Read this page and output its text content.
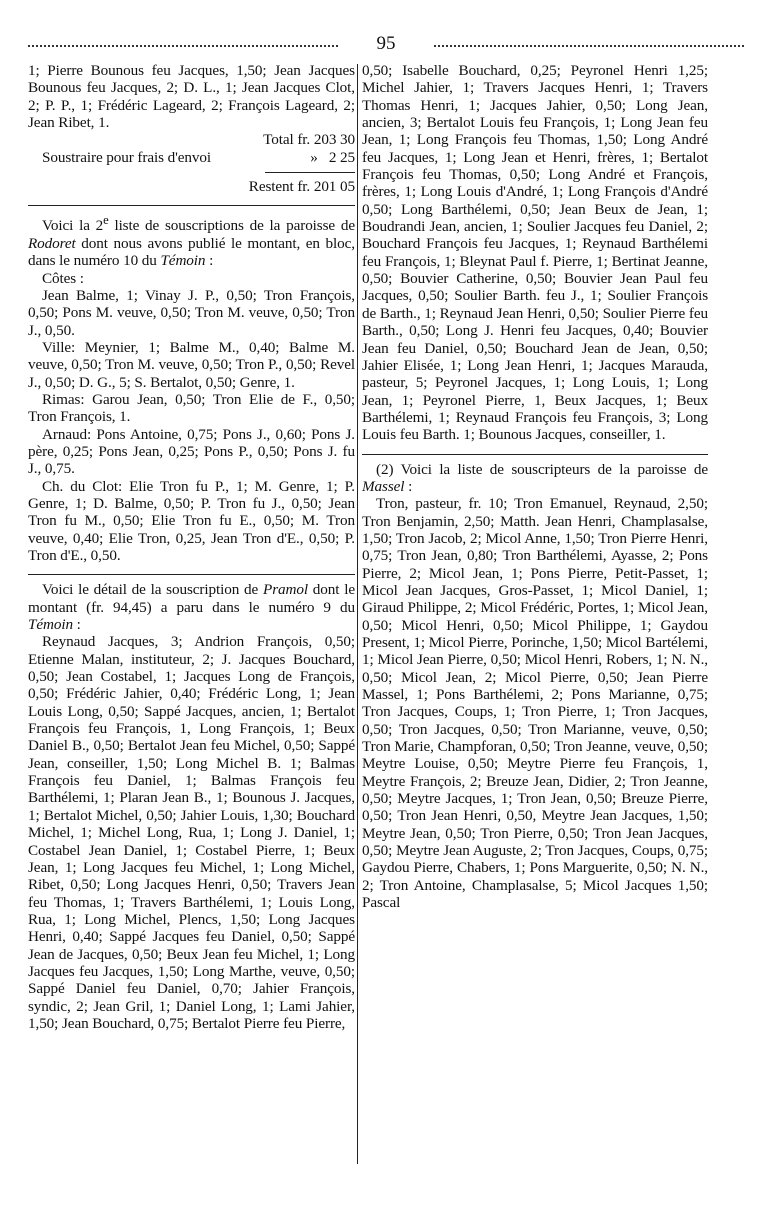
95

1; Pierre Bounous feu Jacques, 1,50; Jean Jacques Bounous feu Jacques, 2; D. L., 1; Jean Jacques Clot, 2; P. P., 1; Frédéric Lageard, 2; François Lageard, 2; Jean Ribet, 1.

Total fr. 203 30
Soustraire pour frais d'envoi	» 2 25
Restent fr. 201 05

Voici la 2e liste de souscriptions de la paroisse de Rodoret dont nous avons publié le montant, en bloc, dans le numéro 10 du Témoin :

Côtes :

Jean Balme, 1; Vinay J. P., 0,50; Tron François, 0,50; Pons M. veuve, 0,50; Tron M. veuve, 0,50; Tron J., 0,50.

Ville: Meynier, 1; Balme M., 0,40; Balme M. veuve, 0,50; Tron M. veuve, 0,50; Tron P., 0,50; Revel J., 0,50; D. G., 5; S. Bertalot, 0,50; Genre, 1.

Rimas: Garou Jean, 0,50; Tron Elie de F., 0,50; Tron François, 1.

Arnaud: Pons Antoine, 0,75; Pons J., 0,60; Pons J. père, 0,25; Pons Jean, 0,25; Pons P., 0,50; Pons J. fu J., 0,75.

Ch. du Clot: Elie Tron fu P., 1; M. Genre, 1; P. Genre, 1; D. Balme, 0,50; P. Tron fu J., 0,50; Jean Tron fu M., 0,50; Elie Tron fu E., 0,50; M. Tron veuve, 0,40; Elie Tron, 0,25, Jean Tron d'E., 0,50; P. Tron d'E., 0,50.

Voici le détail de la souscription de Pramol dont le montant (fr. 94,45) a paru dans le numéro 9 du Témoin :

Reynaud Jacques, 3; Andrion François, 0,50; Etienne Malan, instituteur, 2; J. Jacques Bouchard, 0,50; Jean Costabel, 1; Jacques Long de François, 0,50; Frédéric Jahier, 0,40; Frédéric Long, 1; Jean Louis Long, 0,50; Sappé Jacques, ancien, 1; Bertalot François feu François, 1, Long François, 1; Beux Daniel B., 0,50; Bertalot Jean feu Michel, 0,50; Sappé Jean, conseiller, 1,50; Long Michel B. 1; Balmas François feu Daniel, 1; Balmas François feu Barthélemi, 1; Plaran Jean B., 1; Bounous J. Jacques, 1; Bertalot Michel, 0,50; Jahier Louis, 1,30; Bouchard Michel, 1; Michel Long, Rua, 1; Long J. Daniel, 1; Costabel Jean Daniel, 1; Costabel Pierre, 1; Beux Jean, 1; Long Jacques feu Michel, 1; Long Michel, Ribet, 0,50; Long Jacques Henri, 0,50; Travers Jean feu Thomas, 1; Travers Barthélemi, 1; Louis Long, Rua, 1; Long Michel, Plencs, 1,50; Long Jacques Henri, 0,40; Sappé Jacques feu Daniel, 0,50; Sappé Jean de Jacques, 0,50; Beux Jean feu Michel, 1; Long Jacques feu Jacques, 1,50; Long Marthe, veuve, 0,50; Sappé Daniel feu Daniel, 0,70; Jahier François, syndic, 2; Jean Gril, 1; Daniel Long, 1; Lami Jahier, 1,50; Jean Bouchard, 0,75; Bertalot Pierre feu Pierre,

0,50; Isabelle Bouchard, 0,25; Peyronel Henri 1,25; Michel Jahier, 1; Travers Jacques Henri, 1; Travers Thomas Henri, 1; Jacques Jahier, 0,50; Long Jean, ancien, 3; Bertalot Louis feu François, 1; Long Jean feu Jean, 1; Long François feu Thomas, 1,50; Long André feu Jacques, 1; Long Jean et Henri, frères, 1; Bertalot François feu Thomas, 0,50; Long André et François, frères, 1; Long Louis d'André, 1; Long François d'André 0,50; Long Barthélemi, 0,50; Jean Beux de Jean, 1; Boudrandi Jean, ancien, 1; Soulier Jacques feu Daniel, 2; Bouchard François feu Jacques, 1; Reynaud Barthélemi feu François, 1; Bleynat Paul f. Pierre, 1; Bertinat Jeanne, 0,50; Bouvier Catherine, 0,50; Bouvier Jean Paul feu Jacques, 0,50; Soulier Barth. feu J., 1; Soulier François de Barth., 1; Reynaud Jean Henri, 0,50; Soulier Pierre feu Barth., 0,50; Long J. Henri feu Jacques, 0,40; Bouvier Jean feu Daniel, 0,50; Bouchard Jean de Jean, 0,50; Jahier Elisée, 1; Long Jean Henri, 1; Jacques Marauda, pasteur, 5; Peyronel Jacques, 1; Long Louis, 1; Long Jean, 1; Peyronel Pierre, 1, Beux Jacques, 1; Beux Barthélemi, 1; Reynaud François feu François, 3; Long Louis feu Barth. 1; Bounous Jacques, conseiller, 1.

(2) Voici la liste de souscripteurs de la paroisse de Massel :

Tron, pasteur, fr. 10; Tron Emanuel, Reynaud, 2,50; Tron Benjamin, 2,50; Matth. Jean Henri, Champlasalse, 1,50; Tron Jacob, 2; Micol Anne, 1,50; Tron Pierre Henri, 0,75; Tron Jean, 0,80; Tron Barthélemi, Ayasse, 2; Pons Pierre, 2; Micol Jean, 1; Pons Pierre, Petit-Passet, 1; Micol Jean Jacques, Gros-Passet, 1; Micol Daniel, 1; Giraud Philippe, 2; Micol Frédéric, Portes, 1; Micol Jean, 0,50; Micol Henri, 0,50; Micol Philippe, 1; Gaydou Present, 1; Micol Pierre, Porinche, 1,50; Micol Bartélemi, 1; Micol Jean Pierre, 0,50; Micol Henri, Robers, 1; N. N., 0,50; Micol Jean, 2; Micol Pierre, 0,50; Jean Pierre Massel, 1; Pons Barthélemi, 2; Pons Marianne, 0,75; Tron Jacques, Coups, 1; Tron Pierre, 1; Tron Jacques, 0,50; Tron Jacques, 0,50; Tron Marianne, veuve, 0,50; Tron Marie, Champforan, 0,50; Tron Jeanne, veuve, 0,50; Meytre Louise, 0,50; Meytre Pierre feu François, 1, Meytre François, 2; Breuze Jean, Didier, 2; Tron Jeanne, 0,50; Meytre Jacques, 1; Tron Jean, 0,50; Breuze Pierre, 0,50; Tron Jean Henri, 0,50, Meytre Jean Jacques, 1,50; Meytre Jean, 0,50; Tron Pierre, 0,50; Tron Jean Jacques, 0,50; Meytre Jean Auguste, 2; Tron Jacques, Coups, 0,75; Gaydou Pierre, Chabers, 1; Pons Marguerite, 0,50; N. N., 2; Tron Antoine, Champlasalse, 5; Micol Jacques 1,50; Pascal
